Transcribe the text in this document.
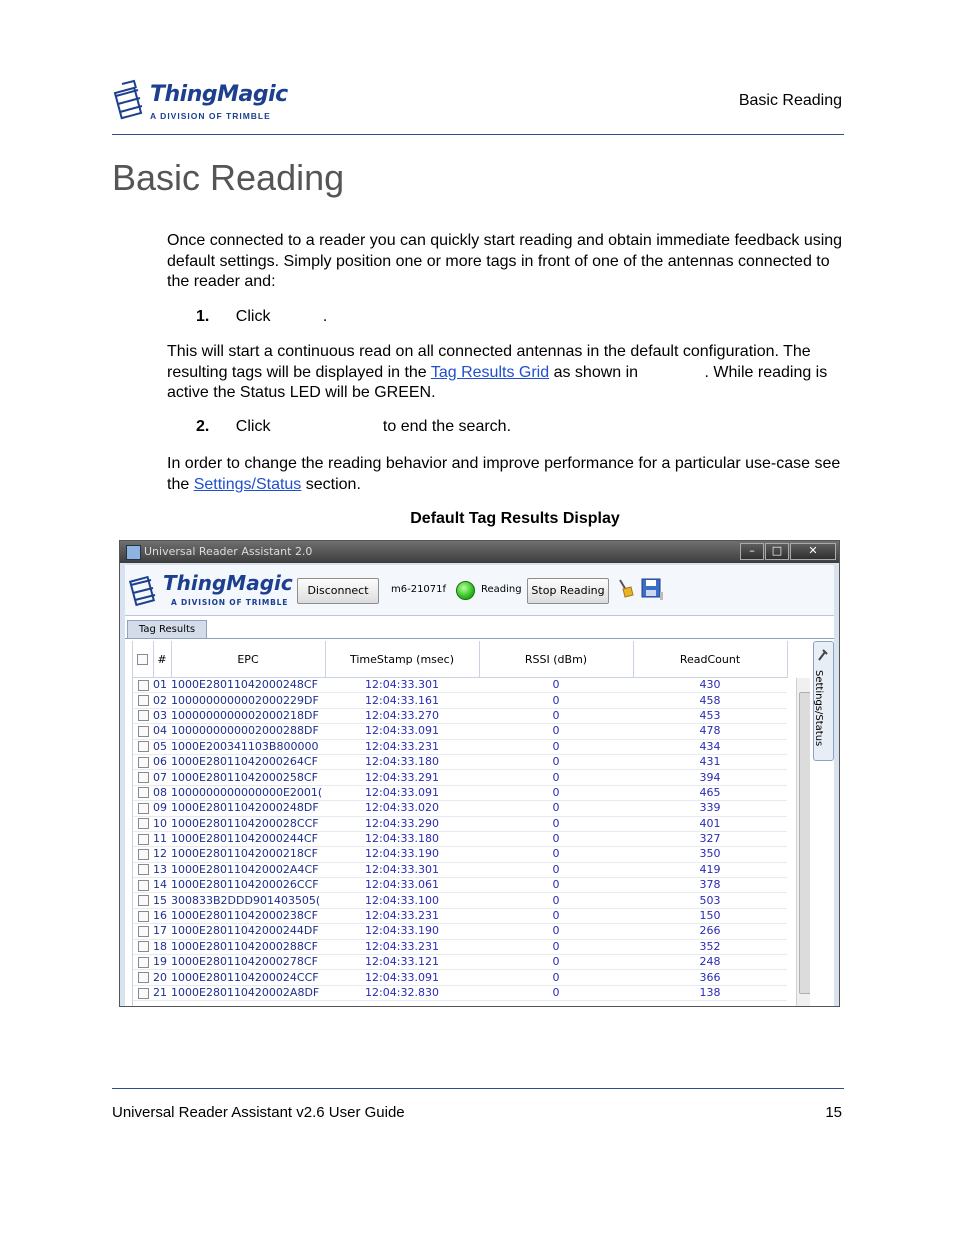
ThingMagic
A DIVISION OF TRIMBLE
Basic Reading
Basic Reading
Once connected to a reader you can quickly start reading and obtain immediate feedback using default settings. Simply position one or more tags in front of one of the antennas connected to the reader and:
1. Click	.
This will start a continuous read on all connected antennas in the default configuration. The resulting tags will be displayed in the Tag Results Grid as shown in	. While reading is active the Status LED will be GREEN.
2. Click	to end the search.
In order to change the reading behavior and improve performance for a particular use-case see the Settings/Status section.
Default Tag Results Display
Universal Reader Assistant 2.0	–	□	✕
ThingMagic
A DIVISION OF TRIMBLE
Disconnect	m6-21071f	Reading Stop Reading
Tag Results
Settings/Status
	#	EPC	TimeStamp (msec)	RSSI (dBm)	ReadCount
	01	1000E28011042000248CF	12:04:33.301	0	430
	02	1000000000002000229DF	12:04:33.161	0	458
	03	1000000000002000218DF	12:04:33.270	0	453
	04	1000000000002000288DF	12:04:33.091	0	478
	05	1000E200341103B800000	12:04:33.231	0	434
	06	1000E28011042000264CF	12:04:33.180	0	431
	07	1000E28011042000258CF	12:04:33.291	0	394
	08	1000000000000000E2001(	12:04:33.091	0	465
	09	1000E28011042000248DF	12:04:33.020	0	339
	10	1000E2801104200028CCF	12:04:33.290	0	401
	11	1000E28011042000244CF	12:04:33.180	0	327
	12	1000E28011042000218CF	12:04:33.190	0	350
	13	1000E280110420002A4CF	12:04:33.301	0	419
	14	1000E2801104200026CCF	12:04:33.061	0	378
	15	300833B2DDD901403505(	12:04:33.100	0	503
	16	1000E28011042000238CF	12:04:33.231	0	150
	17	1000E28011042000244DF	12:04:33.190	0	266
	18	1000E28011042000288CF	12:04:33.231	0	352
	19	1000E28011042000278CF	12:04:33.121	0	248
	20	1000E2801104200024CCF	12:04:33.091	0	366
	21	1000E280110420002A8DF	12:04:32.830	0	138
Universal Reader Assistant v2.6 User Guide	15
